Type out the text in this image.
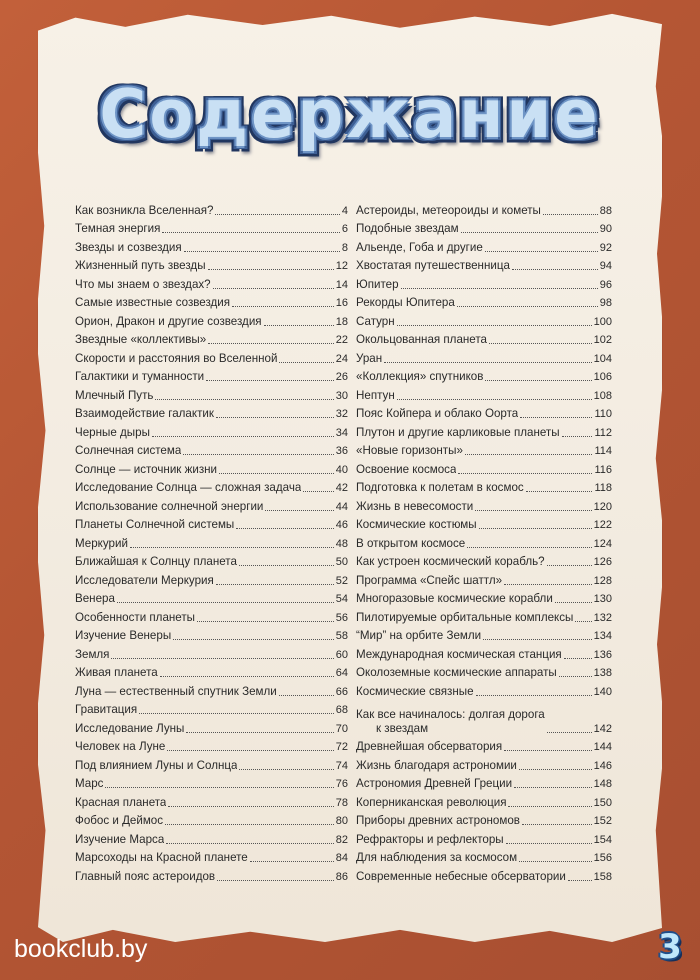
Содержание
Как возникла Вселенная?	4
Темная энергия	6
Звезды и созвездия	8
Жизненный путь звезды	12
Что мы знаем о звездах?	14
Самые известные созвездия	16
Орион, Дракон и другие созвездия	18
Звездные «коллективы»	22
Скорости и расстояния во Вселенной	24
Галактики и туманности	26
Млечный Путь	30
Взаимодействие галактик	32
Черные дыры	34
Солнечная система	36
Солнце — источник жизни	40
Исследование Солнца — сложная задача	42
Использование солнечной энергии	44
Планеты Солнечной системы	46
Меркурий	48
Ближайшая к Солнцу планета	50
Исследователи Меркурия	52
Венера	54
Особенности планеты	56
Изучение Венеры	58
Земля	60
Живая планета	64
Луна — естественный спутник Земли	66
Гравитация	68
Исследование Луны	70
Человек на Луне	72
Под влиянием Луны и Солнца	74
Марс	76
Красная планета	78
Фобос и Деймос	80
Изучение Марса	82
Марсоходы на Красной планете	84
Главный пояс астероидов	86
Астероиды, метеороиды и кометы	88
Подобные звездам	90
Альенде, Гоба и другие	92
Хвостатая путешественница	94
Юпитер	96
Рекорды Юпитера	98
Сатурн	100
Окольцованная планета	102
Уран	104
«Коллекция» спутников	106
Нептун	108
Пояс Койпера и облако Оорта	110
Плутон и другие карликовые планеты	112
«Новые горизонты»	114
Освоение космоса	116
Подготовка к полетам в космос	118
Жизнь в невесомости	120
Космические костюмы	122
В открытом космосе	124
Как устроен космический корабль?	126
Программа «Спейс шаттл»	128
Многоразовые космические корабли	130
Пилотируемые орбитальные комплексы 132
“Мир” на орбите Земли	134
Международная космическая станция	136
Околоземные космические аппараты	138
Космические связные	140
Как все начиналось: долгая дорога
к звездам	142
Древнейшая обсерватория	144
Жизнь благодаря астрономии	146
Астрономия Древней Греции	148
Коперниканская революция	150
Приборы древних астрономов	152
Рефракторы и рефлекторы	154
Для наблюдения за космосом	156
Современные небесные обсерватории	158
bookclub.by	3
